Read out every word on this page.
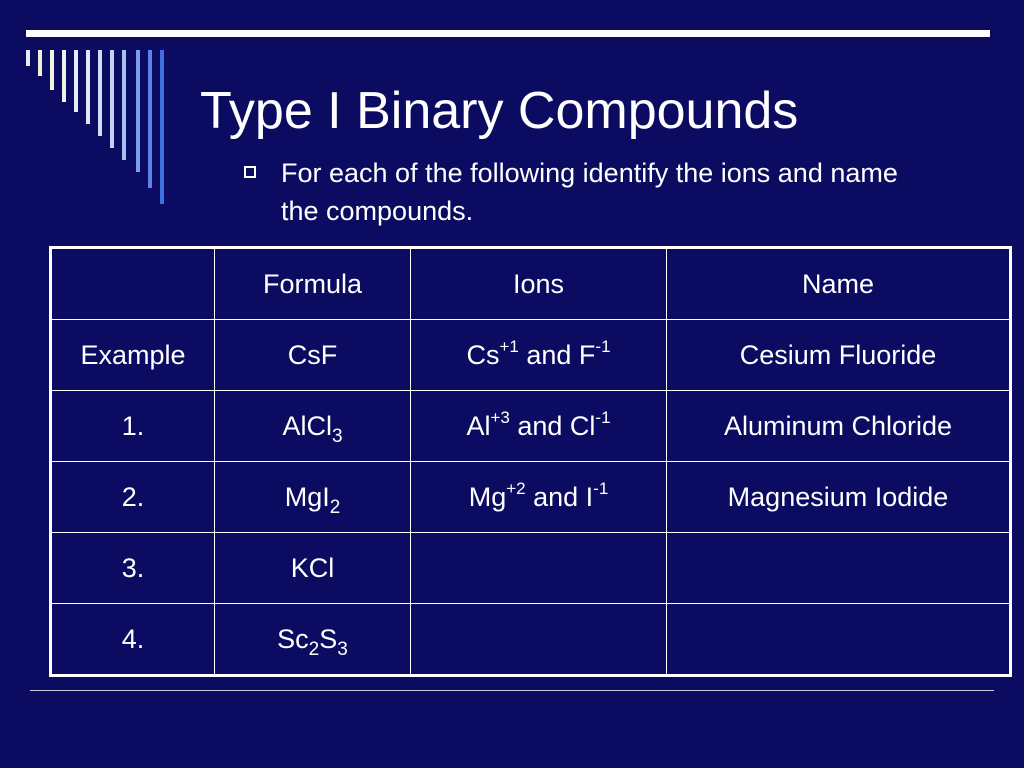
Type I Binary Compounds
For each of the following identify the ions and name the compounds.
	Formula	Ions	Name
Example	CsF	$Cs^{+1}$ and $F^{-1}$	Cesium Fluoride
1.	AlCl$_3$	$Al^{+3}$ and $Cl^{-1}$	Aluminum Chloride
2.	MgI$_2$	$Mg^{+2}$ and $I^{-1}$	Magnesium Iodide
3.	KCl		
4.	$Sc_2S_3$		
